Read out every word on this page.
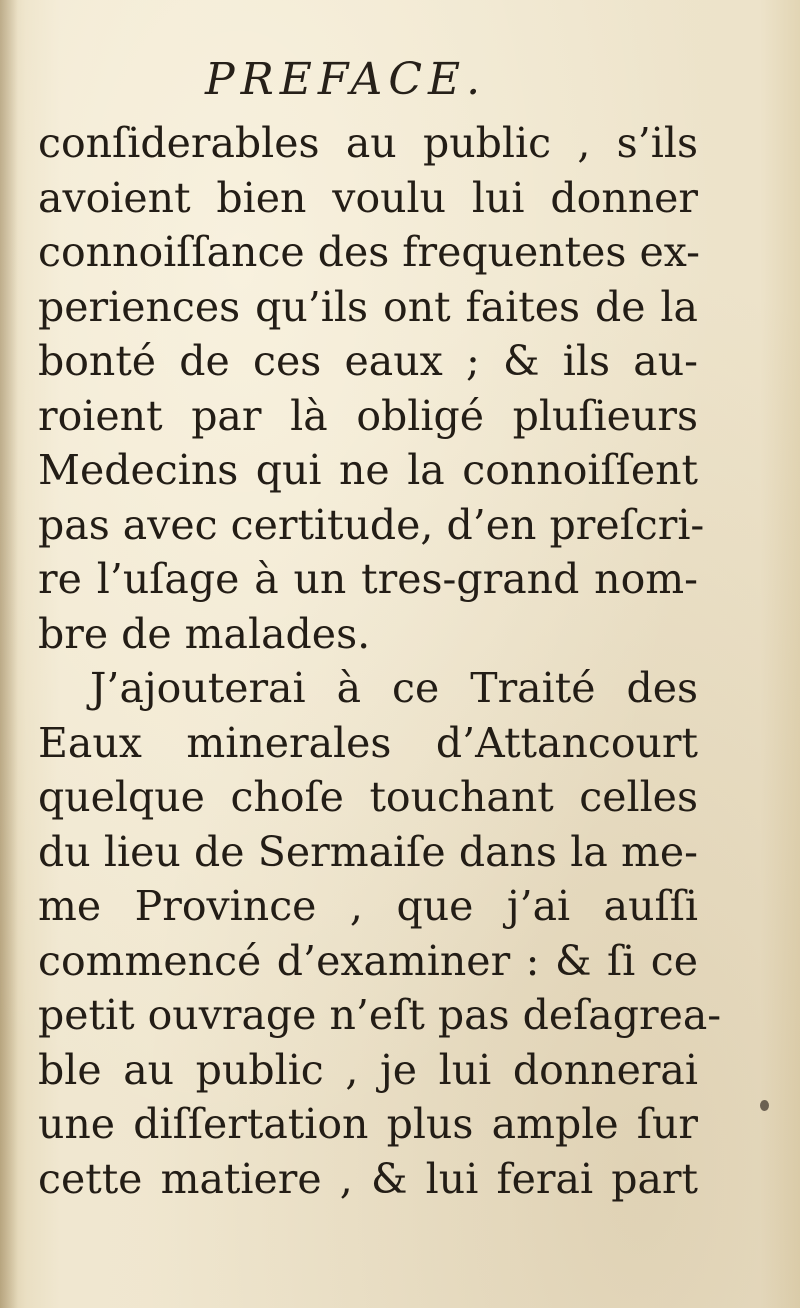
PREFACE.
conſiderables au public , s’ils
avoient bien voulu lui donner
connoiſſance des frequentes ex-
periences qu’ils ont faites de la
bonté de ces eaux ; & ils au-
roient par là obligé pluſieurs
Medecins qui ne la connoiſſent
pas avec certitude, d’en preſcri-
re l’uſage à un tres-grand nom-
bre de malades.
J’ajouterai à ce Traité des
Eaux minerales d’Attancourt
quelque choſe touchant celles
du lieu de Sermaiſe dans la me-
me Province , que j’ai auſſi
commencé d’examiner : & ſi ce
petit ouvrage n’eſt pas deſagrea-
ble au public , je lui donnerai
une diſſertation plus ample ſur
cette matiere , & lui ferai part
